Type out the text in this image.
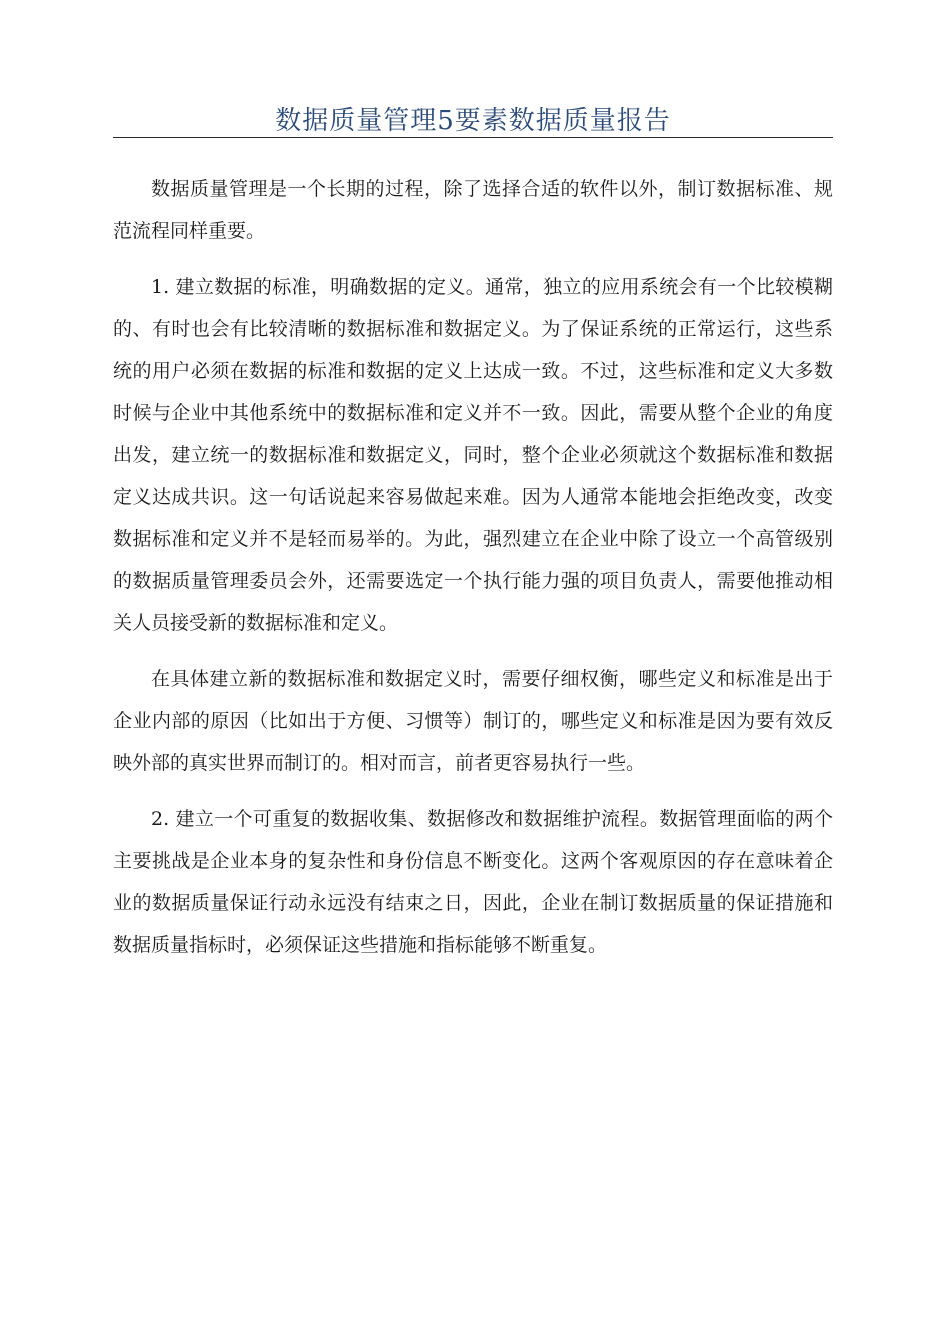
数据质量管理5要素数据质量报告

数据质量管理是一个长期的过程，除了选择合适的软件以外，制订数据标准、规范流程同样重要。

1. 建立数据的标准，明确数据的定义。通常，独立的应用系统会有一个比较模糊的、有时也会有比较清晰的数据标准和数据定义。为了保证系统的正常运行，这些系统的用户必须在数据的标准和数据的定义上达成一致。不过，这些标准和定义大多数时候与企业中其他系统中的数据标准和定义并不一致。因此，需要从整个企业的角度出发，建立统一的数据标准和数据定义，同时，整个企业必须就这个数据标准和数据定义达成共识。这一句话说起来容易做起来难。因为人通常本能地会拒绝改变，改变数据标准和定义并不是轻而易举的。为此，强烈建立在企业中除了设立一个高管级别的数据质量管理委员会外，还需要选定一个执行能力强的项目负责人，需要他推动相关人员接受新的数据标准和定义。

在具体建立新的数据标准和数据定义时，需要仔细权衡，哪些定义和标准是出于企业内部的原因（比如出于方便、习惯等）制订的，哪些定义和标准是因为要有效反映外部的真实世界而制订的。相对而言，前者更容易执行一些。

2. 建立一个可重复的数据收集、数据修改和数据维护流程。数据管理面临的两个主要挑战是企业本身的复杂性和身份信息不断变化。这两个客观原因的存在意味着企业的数据质量保证行动永远没有结束之日，因此，企业在制订数据质量的保证措施和数据质量指标时，必须保证这些措施和指标能够不断重复。
